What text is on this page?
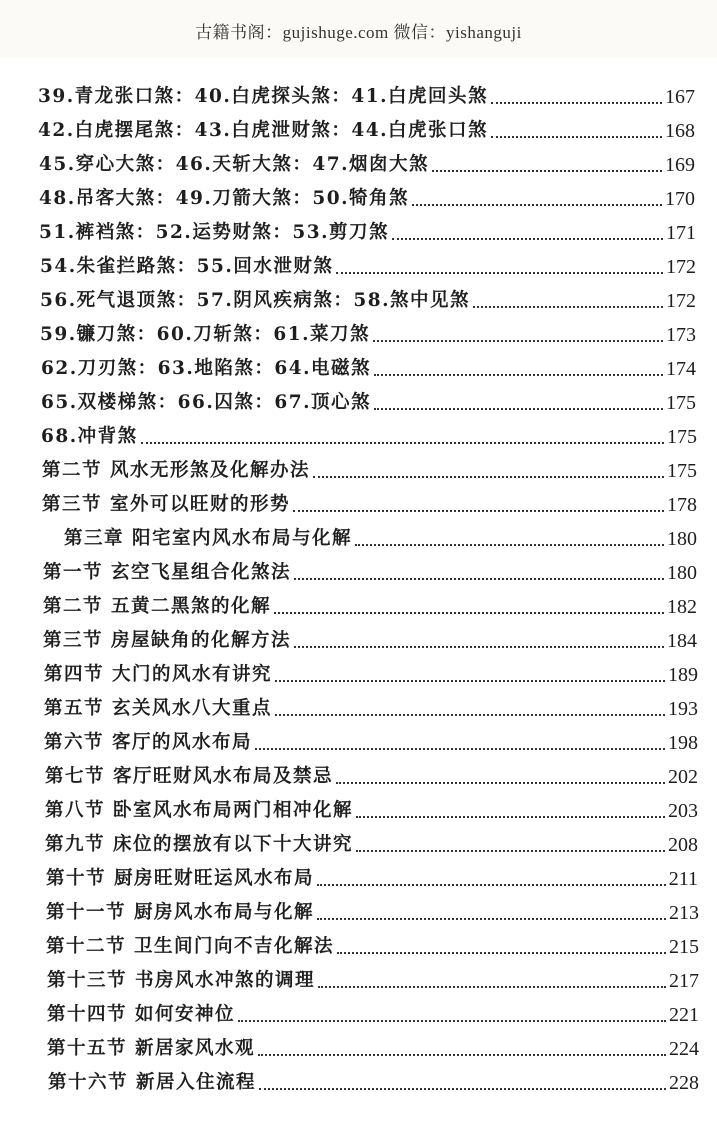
古籍书阁：gujishuge.com 微信：yishanguji
39.青龙张口煞：40.白虎探头煞：41.白虎回头煞	167
42.白虎摆尾煞：43.白虎泄财煞：44.白虎张口煞	168
45.穿心大煞：46.天斩大煞：47.烟囱大煞	169
48.吊客大煞：49.刀箭大煞：50.犄角煞	170
51.裤裆煞：52.运势财煞：53.剪刀煞	171
54.朱雀拦路煞：55.回水泄财煞	172
56.死气退顶煞：57.阴风疾病煞：58.煞中见煞	172
59.镰刀煞：60.刀斩煞：61.菜刀煞	173
62.刀刃煞：63.地陷煞：64.电磁煞	174
65.双楼梯煞：66.囚煞：67.顶心煞	175
68.冲背煞	175
第二节 风水无形煞及化解办法	175
第三节 室外可以旺财的形势	178
第三章 阳宅室内风水布局与化解	180
第一节 玄空飞星组合化煞法	180
第二节 五黄二黑煞的化解	182
第三节 房屋缺角的化解方法	184
第四节 大门的风水有讲究	189
第五节 玄关风水八大重点	193
第六节 客厅的风水布局	198
第七节 客厅旺财风水布局及禁忌	202
第八节 卧室风水布局两门相冲化解	203
第九节 床位的摆放有以下十大讲究	208
第十节 厨房旺财旺运风水布局	211
第十一节 厨房风水布局与化解	213
第十二节 卫生间门向不吉化解法	215
第十三节 书房风水冲煞的调理	217
第十四节 如何安神位	221
第十五节 新居家风水观	224
第十六节 新居入住流程	228
